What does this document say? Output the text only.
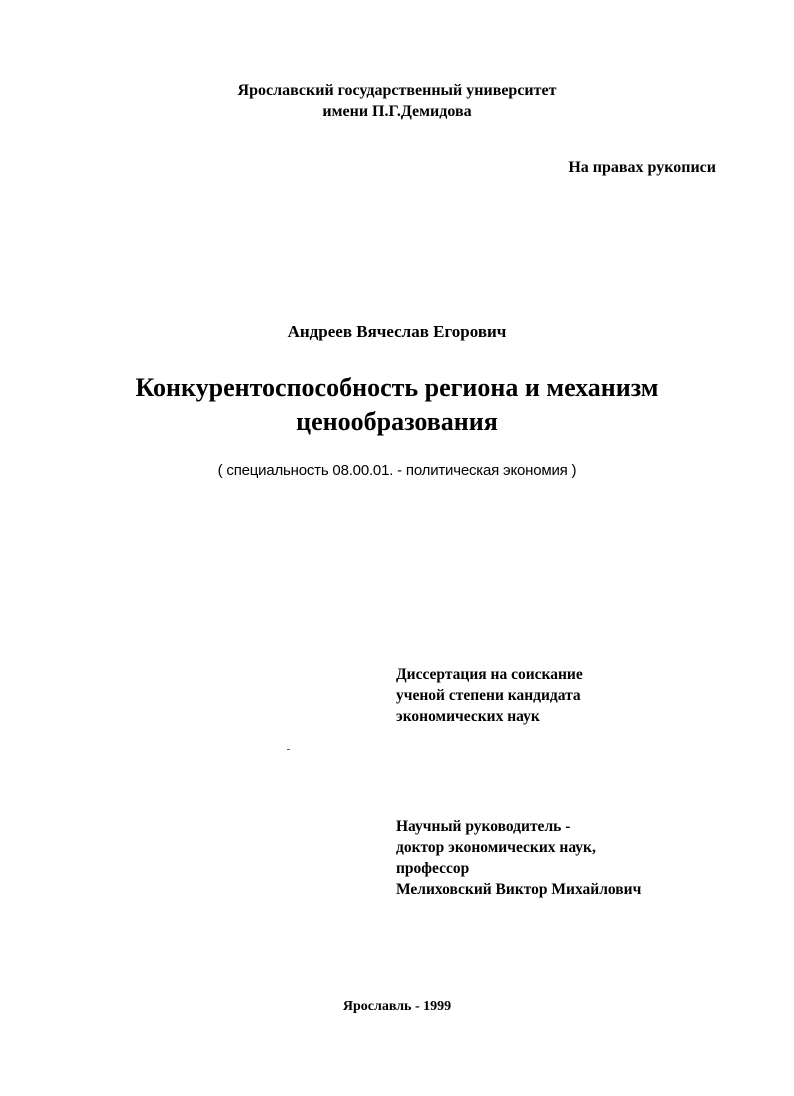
Ярославский государственный университет
имени П.Г.Демидова
На правах рукописи
Андреев Вячеслав Егорович
Конкурентоспособность региона и механизм
ценообразования
( специальность 08.00.01. - политическая экономия )
Диссертация на соискание
ученой степени кандидата
экономических наук
Научный руководитель -
доктор экономических наук,
профессор
Мелиховский Виктор Михайлович
Ярославль - 1999
